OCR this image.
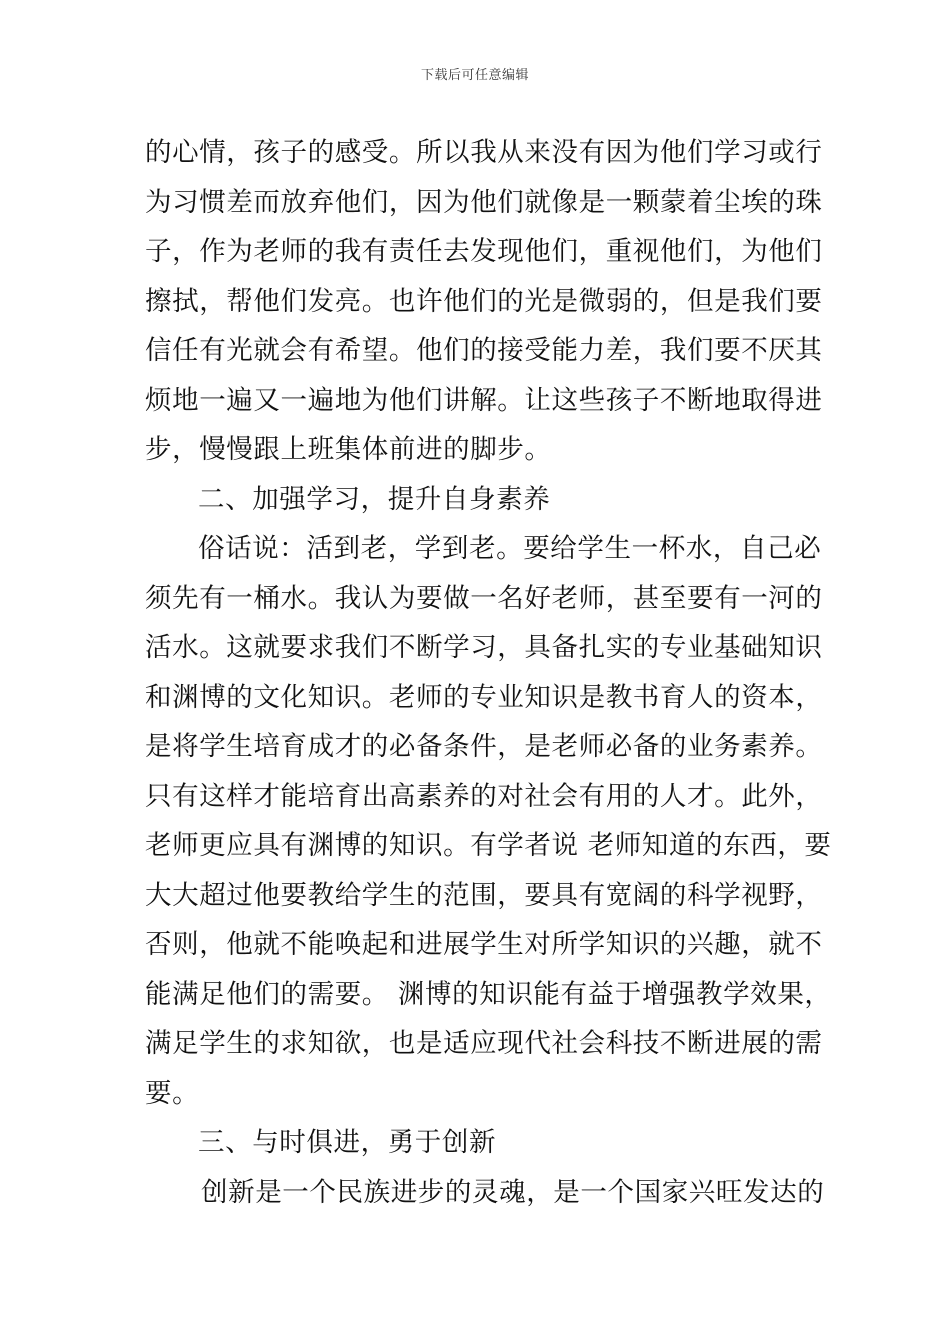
下载后可任意编辑
的心情，孩子的感受。所以我从来没有因为他们学习或行
为习惯差而放弃他们，因为他们就像是一颗蒙着尘埃的珠
子，作为老师的我有责任去发现他们，重视他们，为他们
擦拭，帮他们发亮。也许他们的光是微弱的，但是我们要
信任有光就会有希望。他们的接受能力差，我们要不厌其
烦地一遍又一遍地为他们讲解。让这些孩子不断地取得进
步，慢慢跟上班集体前进的脚步。
二、加强学习，提升自身素养
俗话说：活到老，学到老。要给学生一杯水，自己必
须先有一桶水。我认为要做一名好老师，甚至要有一河的
活水。这就要求我们不断学习，具备扎实的专业基础知识
和渊博的文化知识。老师的专业知识是教书育人的资本，
是将学生培育成才的必备条件，是老师必备的业务素养。
只有这样才能培育出高素养的对社会有用的人才。此外，
老师更应具有渊博的知识。有学者说 老师知道的东西，要
大大超过他要教给学生的范围，要具有宽阔的科学视野，
否则，他就不能唤起和进展学生对所学知识的兴趣，就不
能满足他们的需要。 渊博的知识能有益于增强教学效果，
满足学生的求知欲，也是适应现代社会科技不断进展的需
要。
三、与时俱进，勇于创新
创新是一个民族进步的灵魂，是一个国家兴旺发达的
